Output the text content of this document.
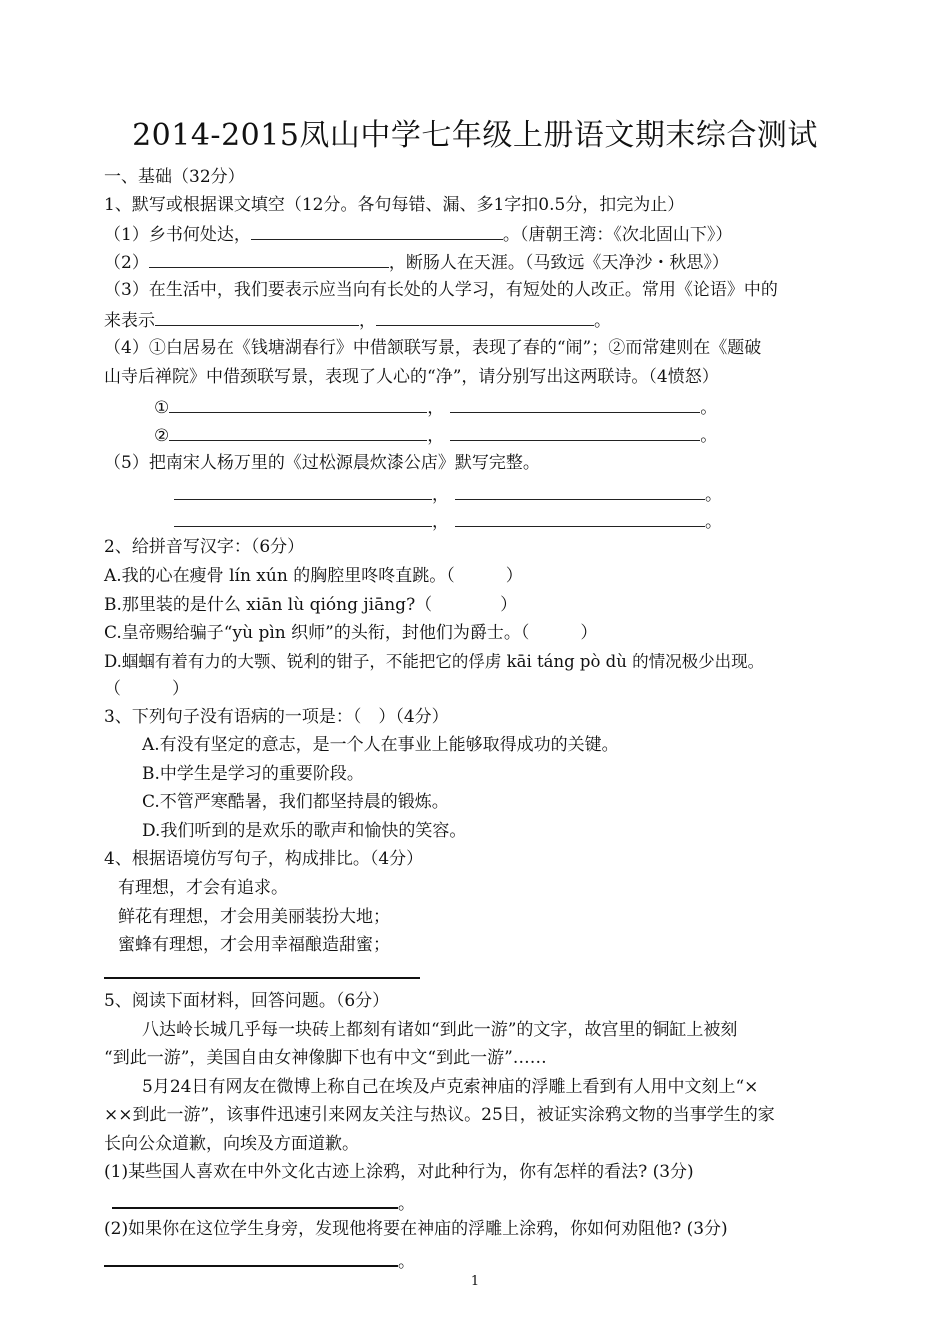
2014-2015凤山中学七年级上册语文期末综合测试
一、基础（32分）
1、默写或根据课文填空（12分。各句每错、漏、多1字扣0.5分，扣完为止）
（1）乡书何处达，	。（唐朝王湾：《次北固山下》）
（2）	，断肠人在天涯。（马致远《天净沙・秋思》）
（3）在生活中，我们要表示应当向有长处的人学习，有短处的人改正。常用《论语》中的
来表示	，	。
（4）①白居易在《钱塘湖春行》中借颔联写景，表现了春的“闹”；②而常建则在《题破
山寺后禅院》中借颈联写景，表现了人心的“净”，请分别写出这两联诗。（4愤怒）
①	，	。
②	，	。
（5）把南宋人杨万里的《过松源晨炊漆公店》默写完整。
，	。
，	。
2、给拼音写汉字：（6分）
A.我的心在瘦骨 lín xún 的胸腔里咚咚直跳。（　　　）
B.那里装的是什么 xiān lù qióng jiāng?（　　　　）
C.皇帝赐给骗子“yù pìn 织师”的头衔，封他们为爵士。（　　　）
D.蝈蝈有着有力的大颚、锐利的钳子，不能把它的俘虏 kāi táng pò dù 的情况极少出现。
（　　　）
3、下列句子没有语病的一项是：（　）（4分）
A.有没有坚定的意志，是一个人在事业上能够取得成功的关键。
B.中学生是学习的重要阶段。
C.不管严寒酷暑，我们都坚持晨的锻炼。
D.我们听到的是欢乐的歌声和愉快的笑容。
4、根据语境仿写句子，构成排比。（4分）
有理想，才会有追求。
鲜花有理想，才会用美丽装扮大地；
蜜蜂有理想，才会用幸福酿造甜蜜；
5、阅读下面材料，回答问题。（6分）
八达岭长城几乎每一块砖上都刻有诸如“到此一游”的文字，故宫里的铜缸上被刻
“到此一游”，美国自由女神像脚下也有中文“到此一游”……
5月24日有网友在微博上称自己在埃及卢克索神庙的浮雕上看到有人用中文刻上“×
××到此一游”，该事件迅速引来网友关注与热议。25日，被证实涂鸦文物的当事学生的家
长向公众道歉，向埃及方面道歉。
(1)某些国人喜欢在中外文化古迹上涂鸦，对此种行为，你有怎样的看法? (3分)
。
(2)如果你在这位学生身旁，发现他将要在神庙的浮雕上涂鸦，你如何劝阻他? (3分)
。
1
